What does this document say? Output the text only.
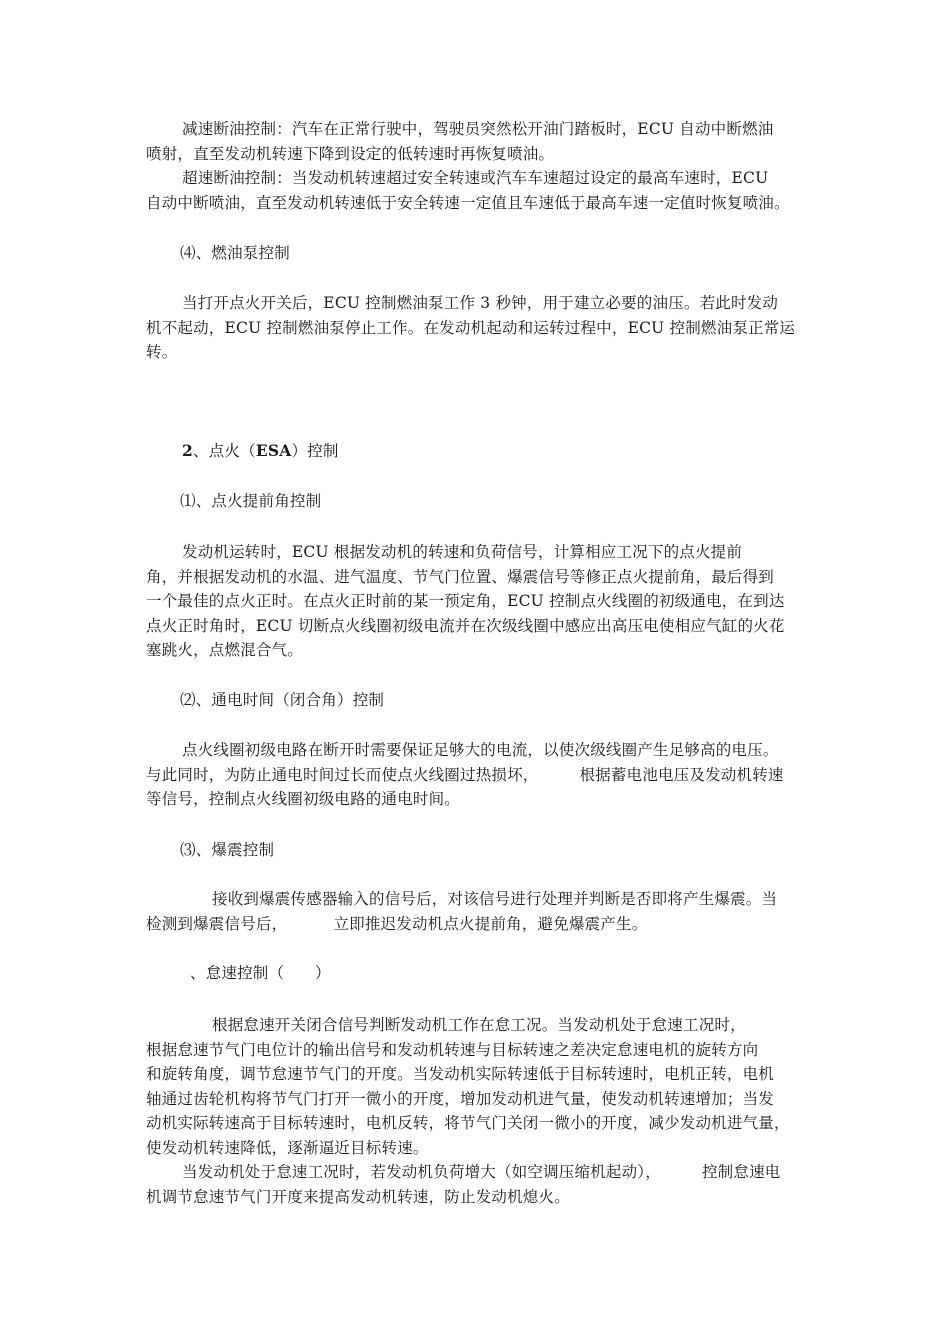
减速断油控制：汽车在正常行驶中，驾驶员突然松开油门踏板时，ECU 自动中断燃油
喷射，直至发动机转速下降到设定的低转速时再恢复喷油。

超速断油控制：当发动机转速超过安全转速或汽车车速超过设定的最高车速时，ECU
自动中断喷油，直至发动机转速低于安全转速一定值且车速低于最高车速一定值时恢复喷油。

⑷、燃油泵控制

当打开点火开关后，ECU 控制燃油泵工作 3 秒钟，用于建立必要的油压。若此时发动
机不起动，ECU 控制燃油泵停止工作。在发动机起动和运转过程中，ECU 控制燃油泵正常运
转。

2、点火（ESA）控制

⑴、点火提前角控制

发动机运转时，ECU 根据发动机的转速和负荷信号，计算相应工况下的点火提前
角，并根据发动机的水温、进气温度、节气门位置、爆震信号等修正点火提前角，最后得到
一个最佳的点火正时。在点火正时前的某一预定角，ECU 控制点火线圈的初级通电，在到达
点火正时角时，ECU 切断点火线圈初级电流并在次级线圈中感应出高压电使相应气缸的火花
塞跳火，点燃混合气。

⑵、通电时间（闭合角）控制

点火线圈初级电路在断开时需要保证足够大的电流，以使次级线圈产生足够高的电压。
与此同时，为防止通电时间过长而使点火线圈过热损坏，        根据蓄电池电压及发动机转速
等信号，控制点火线圈初级电路的通电时间。

⑶、爆震控制

接收到爆震传感器输入的信号后，对该信号进行处理并判断是否即将产生爆震。当
检测到爆震信号后，         立即推迟发动机点火提前角，避免爆震产生。

、怠速控制（      ）

根据怠速开关闭合信号判断发动机工作在怠工况。当发动机处于怠速工况时，
根据怠速节气门电位计的输出信号和发动机转速与目标转速之差决定怠速电机的旋转方向
和旋转角度，调节怠速节气门的开度。当发动机实际转速低于目标转速时，电机正转，电机
轴通过齿轮机构将节气门打开一微小的开度，增加发动机进气量，使发动机转速增加；当发
动机实际转速高于目标转速时，电机反转，将节气门关闭一微小的开度，减少发动机进气量，
使发动机转速降低，逐渐逼近目标转速。

当发动机处于怠速工况时，若发动机负荷增大（如空调压缩机起动），        控制怠速电
机调节怠速节气门开度来提高发动机转速，防止发动机熄火。
